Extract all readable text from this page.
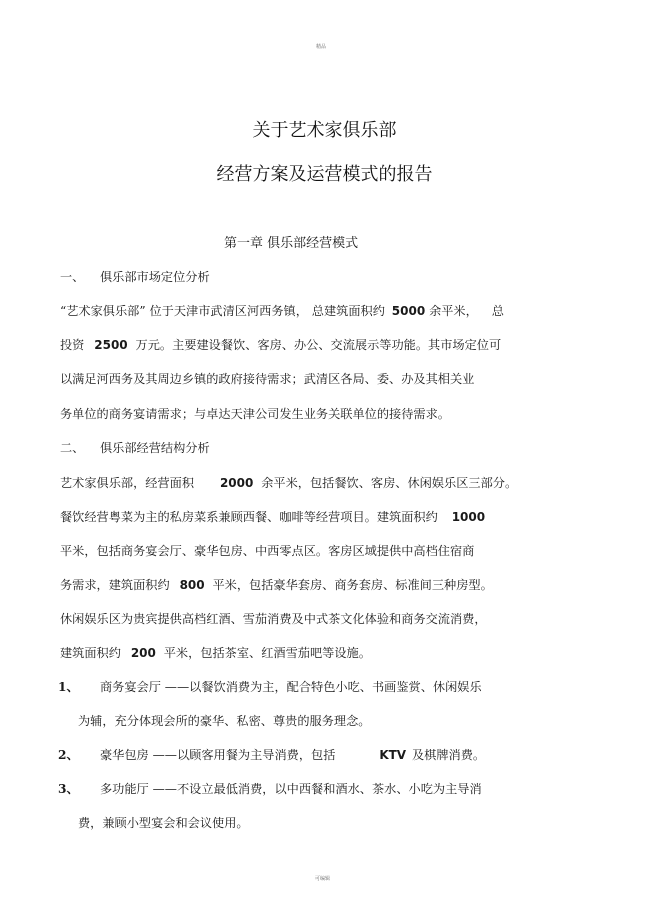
精品
关于艺术家俱乐部
经营方案及运营模式的报告
第一章 俱乐部经营模式
一、 俱乐部市场定位分析
“艺术家俱乐部” 位于天津市武清区河西务镇， 总建筑面积约 5000 余平米， 总
投资 2500 万元。主要建设餐饮、客房、办公、交流展示等功能。其市场定位可
以满足河西务及其周边乡镇的政府接待需求；武清区各局、委、办及其相关业
务单位的商务宴请需求；与卓达天津公司发生业务关联单位的接待需求。
二、 俱乐部经营结构分析
艺术家俱乐部，经营面积 2000 余平米，包括餐饮、客房、休闲娱乐区三部分。
餐饮经营粤菜为主的私房菜系兼顾西餐、咖啡等经营项目。建筑面积约 1000
平米，包括商务宴会厅、豪华包房、中西零点区。客房区域提供中高档住宿商
务需求，建筑面积约 800 平米，包括豪华套房、商务套房、标准间三种房型。
休闲娱乐区为贵宾提供高档红酒、雪茄消费及中式茶文化体验和商务交流消费，
建筑面积约 200 平米，包括茶室、红酒雪茄吧等设施。
1、 商务宴会厅 ——以餐饮消费为主，配合特色小吃、书画鉴赏、休闲娱乐
为辅，充分体现会所的豪华、私密、尊贵的服务理念。
2、 豪华包房 ——以顾客用餐为主导消费，包括	KTV 及棋牌消费。
3、 多功能厅 ——不设立最低消费，以中西餐和酒水、茶水、小吃为主导消
费，兼顾小型宴会和会议使用。
可编辑
